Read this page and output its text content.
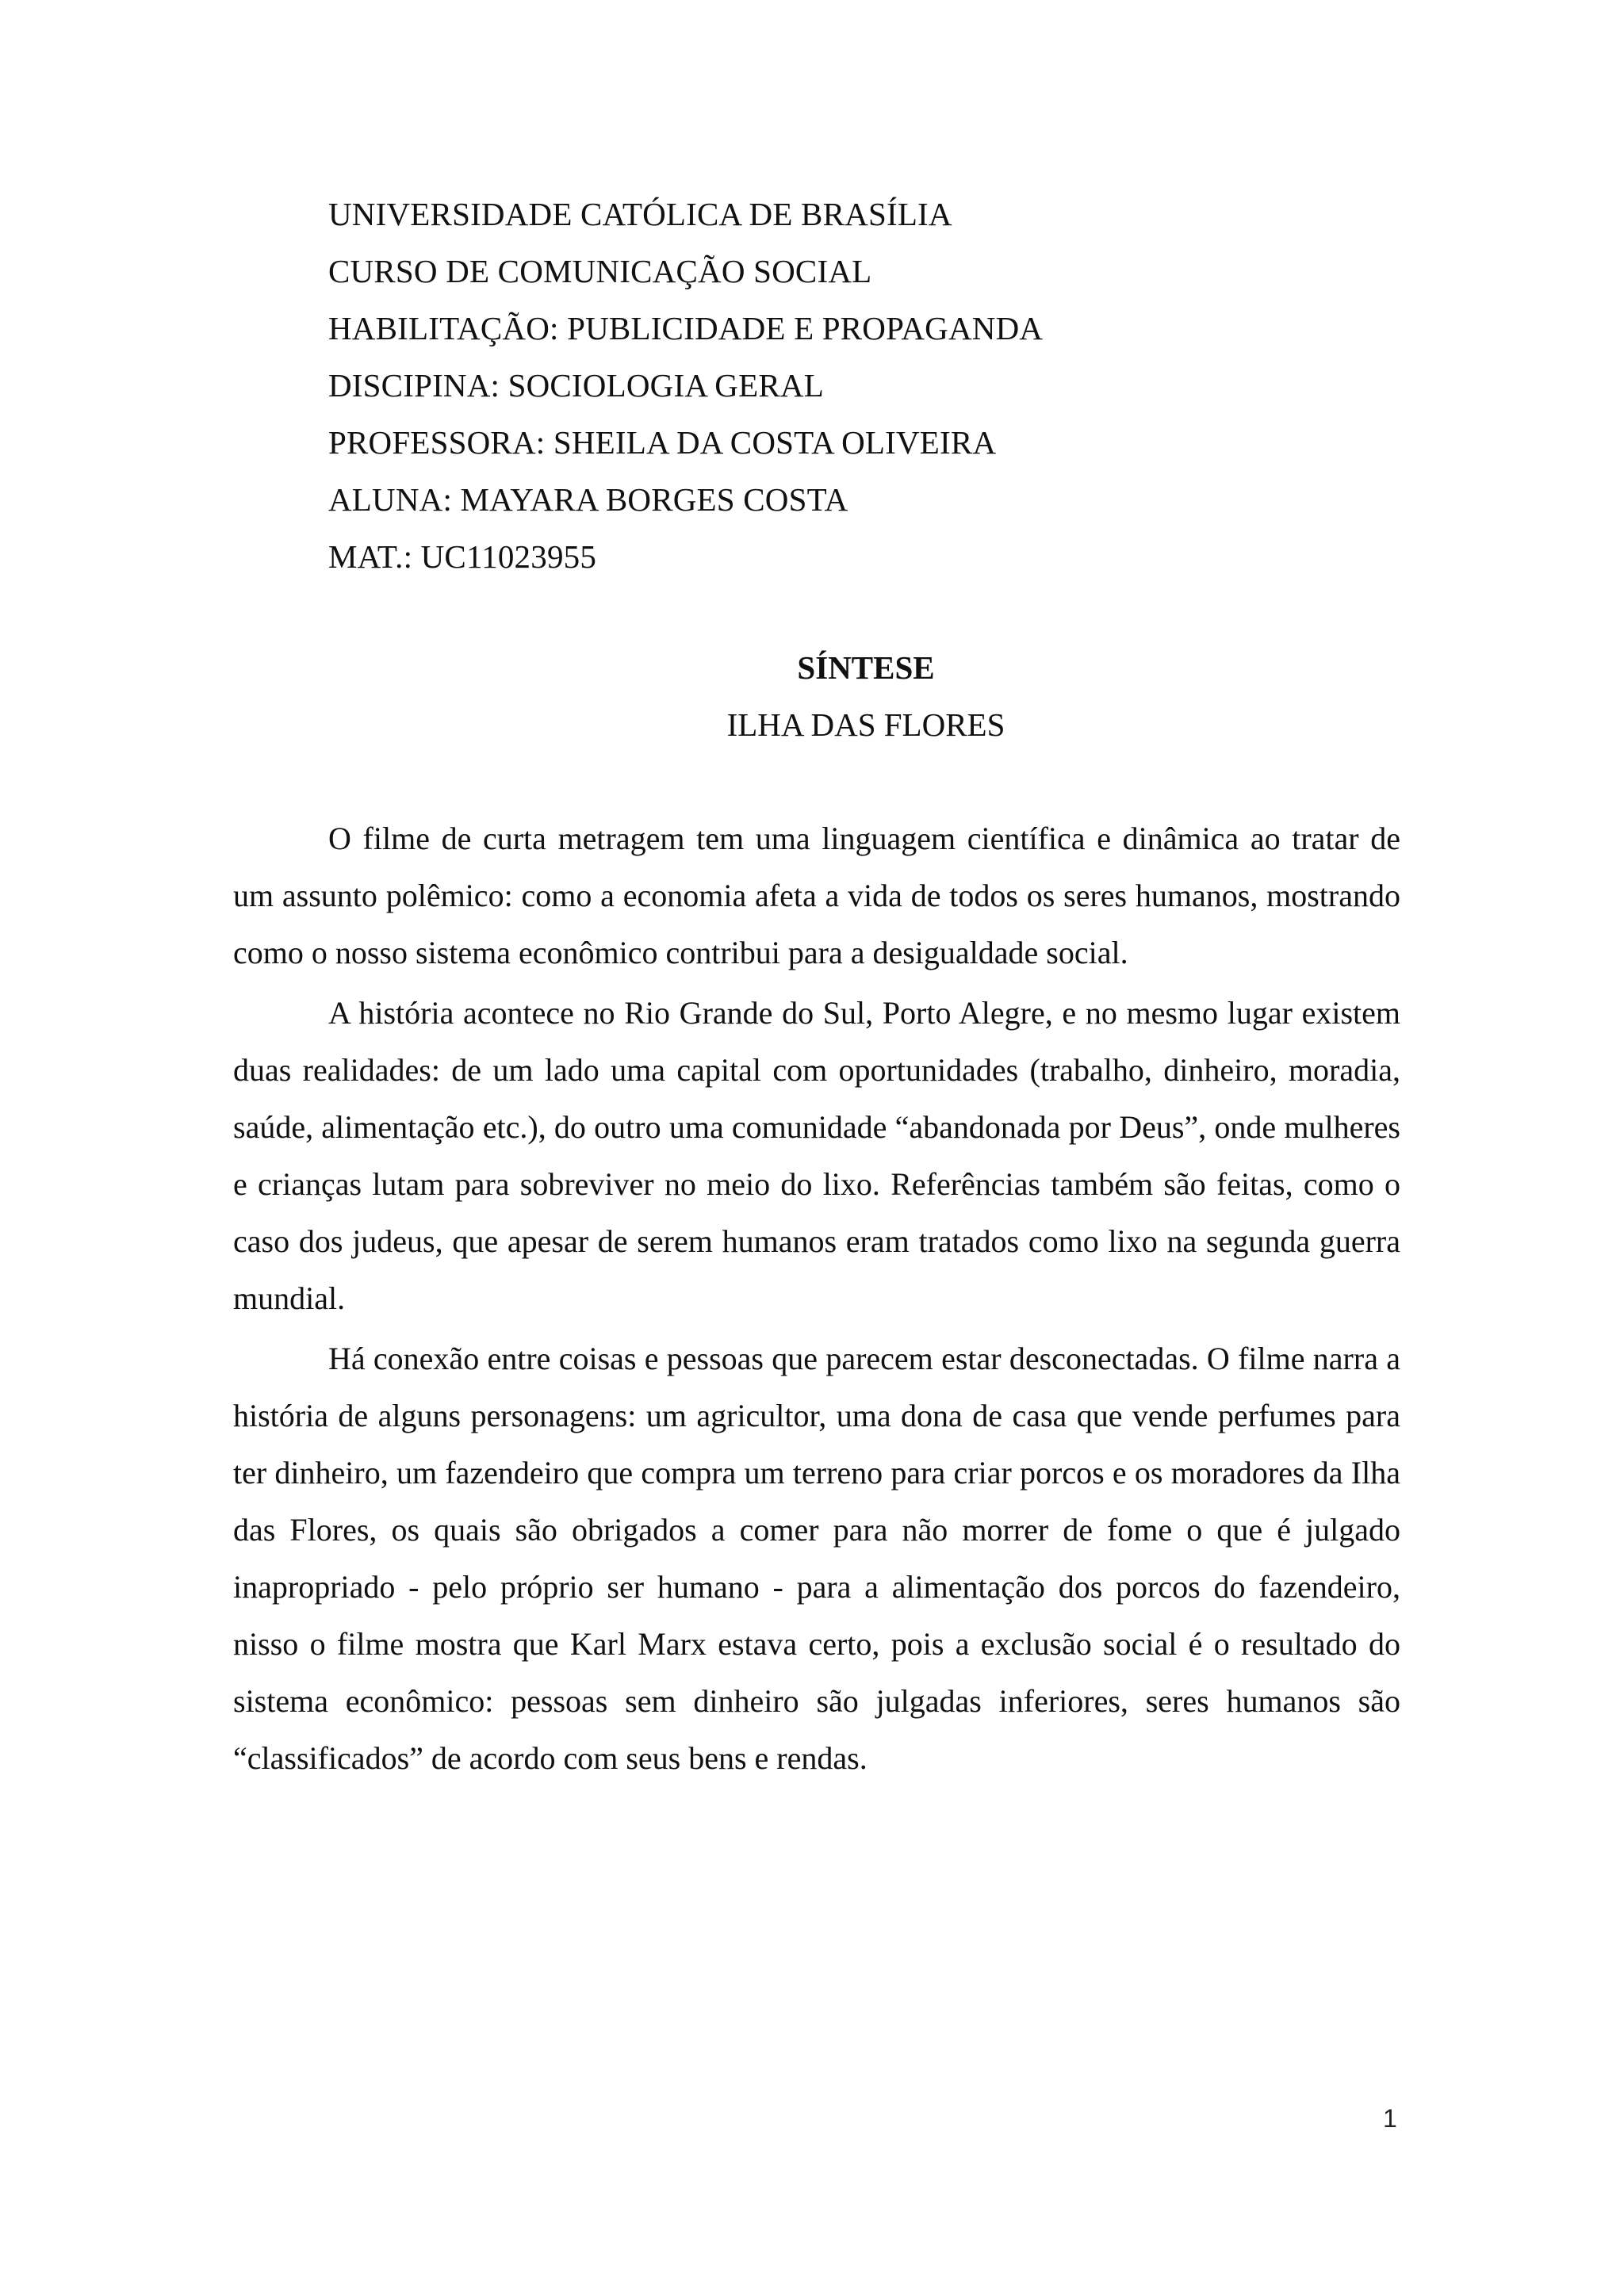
UNIVERSIDADE CATÓLICA DE BRASÍLIA
CURSO DE COMUNICAÇÃO SOCIAL
HABILITAÇÃO: PUBLICIDADE E PROPAGANDA
DISCIPINA: SOCIOLOGIA GERAL
PROFESSORA: SHEILA DA COSTA OLIVEIRA
ALUNA: MAYARA BORGES COSTA
MAT.: UC11023955
SÍNTESE
ILHA DAS FLORES

O filme de curta metragem tem uma linguagem científica e dinâmica ao tratar de um assunto polêmico: como a economia afeta a vida de todos os seres humanos, mostrando como o nosso sistema econômico contribui para a desigualdade social.

A história acontece no Rio Grande do Sul, Porto Alegre, e no mesmo lugar existem duas realidades: de um lado uma capital com oportunidades (trabalho, dinheiro, moradia, saúde, alimentação etc.), do outro uma comunidade “abandonada por Deus”, onde mulheres e crianças lutam para sobreviver no meio do lixo. Referências também são feitas, como o caso dos judeus, que apesar de serem humanos eram tratados como lixo na segunda guerra mundial.

Há conexão entre coisas e pessoas que parecem estar desconectadas. O filme narra a história de alguns personagens: um agricultor, uma dona de casa que vende perfumes para ter dinheiro, um fazendeiro que compra um terreno para criar porcos e os moradores da Ilha das Flores, os quais são obrigados a comer para não morrer de fome o que é julgado inapropriado - pelo próprio ser humano - para a alimentação dos porcos do fazendeiro, nisso o filme mostra que Karl Marx estava certo, pois a exclusão social é o resultado do sistema econômico: pessoas sem dinheiro são julgadas inferiores, seres humanos são “classificados” de acordo com seus bens e rendas.

1
